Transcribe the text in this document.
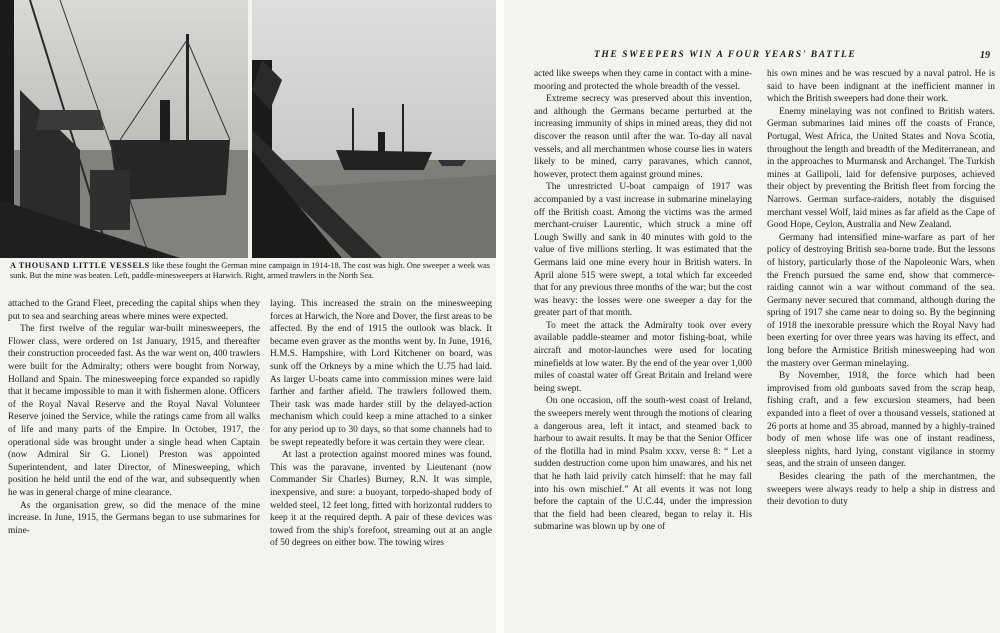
A THOUSAND LITTLE VESSELS like these fought the German mine campaign in 1914-18. The cost was high. One sweeper a week was sunk. But the mine was beaten. Left, paddle-minesweepers at Harwich. Right, armed trawlers in the North Sea.

attached to the Grand Fleet, preceding the capital ships when they put to sea and searching areas where mines were expected.

The first twelve of the regular war-built minesweepers, the Flower class, were ordered on 1st January, 1915, and thereafter their construction proceeded fast. As the war went on, 400 trawlers were built for the Admiralty; others were bought from Norway, Holland and Spain. The minesweeping force expanded so rapidly that it became impossible to man it with fishermen alone. Officers of the Royal Naval Reserve and the Royal Naval Volunteer Reserve joined the Service, while the ratings came from all walks of life and many parts of the Empire. In October, 1917, the operational side was brought under a single head when Captain (now Admiral Sir G. Lionel) Preston was appointed Superintendent, and later Director, of Minesweeping, which position he held until the end of the war, and subsequently when he was in general charge of mine clearance.

As the organisation grew, so did the menace of the mine increase. In June, 1915, the Germans began to use submarines for mine-

laying. This increased the strain on the minesweeping forces at Harwich, the Nore and Dover, the first areas to be affected. By the end of 1915 the outlook was black. It became even graver as the months went by. In June, 1916, H.M.S. Hampshire, with Lord Kitchener on board, was sunk off the Orkneys by a mine which the U.75 had laid. As larger U-boats came into commission mines were laid farther and farther afield. The trawlers followed them. Their task was made harder still by the delayed-action mechanism which could keep a mine attached to a sinker for any period up to 30 days, so that some channels had to be swept repeatedly before it was certain they were clear.

At last a protection against moored mines was found. This was the paravane, invented by Lieutenant (now Commander Sir Charles) Burney, R.N. It was simple, inexpensive, and sure: a buoyant, torpedo-shaped body of welded steel, 12 feet long, fitted with horizontal rudders to keep it at the required depth. A pair of these devices was towed from the ship's forefoot, streaming out at an angle of 50 degrees on either bow. The towing wires

THE SWEEPERS WIN A FOUR YEARS' BATTLE	19

acted like sweeps when they came in contact with a mine-mooring and protected the whole breadth of the vessel.

Extreme secrecy was preserved about this invention, and although the Germans became perturbed at the increasing immunity of ships in mined areas, they did not discover the reason until after the war. To-day all naval vessels, and all merchantmen whose course lies in waters likely to be mined, carry paravanes, which cannot, however, protect them against ground mines.

The unrestricted U-boat campaign of 1917 was accompanied by a vast increase in submarine minelaying off the British coast. Among the victims was the armed merchant-cruiser Laurentic, which struck a mine off Lough Swilly and sank in 40 minutes with gold to the value of five millions sterling. It was estimated that the Germans laid one mine every hour in British waters. In April alone 515 were swept, a total which far exceeded that for any previous three months of the war; but the cost was heavy: the losses were one sweeper a day for the greater part of that month.

To meet the attack the Admiralty took over every available paddle-steamer and motor fishing-boat, while aircraft and motor-launches were used for locating minefields at low water. By the end of the year over 1,000 miles of coastal water off Great Britain and Ireland were being swept.

On one occasion, off the south-west coast of Ireland, the sweepers merely went through the motions of clearing a dangerous area, left it intact, and steamed back to harbour to await results. It may be that the Senior Officer of the flotilla had in mind Psalm xxxv, verse 8: “ Let a sudden destruction come upon him unawares, and his net that he hath laid privily catch himself: that he may fall into his own mischief.” At all events it was not long before the captain of the U.C.44, under the impression that the field had been cleared, began to relay it. His submarine was blown up by one of

his own mines and he was rescued by a naval patrol. He is said to have been indignant at the inefficient manner in which the British sweepers had done their work.

Enemy minelaying was not confined to British waters. German submarines laid mines off the coasts of France, Portugal, West Africa, the United States and Nova Scotia, throughout the length and breadth of the Mediterranean, and in the approaches to Murmansk and Archangel. The Turkish mines at Gallipoli, laid for defensive purposes, achieved their object by preventing the British fleet from forcing the Narrows. German surface-raiders, notably the disguised merchant vessel Wolf, laid mines as far afield as the Cape of Good Hope, Ceylon, Australia and New Zealand.

Germany had intensified mine-warfare as part of her policy of destroying British sea-borne trade. But the lessons of history, particularly those of the Napoleonic Wars, when the French pursued the same end, show that commerce-raiding cannot win a war without command of the sea. Germany never secured that command, although during the spring of 1917 she came near to doing so. By the beginning of 1918 the inexorable pressure which the Royal Navy had been exerting for over three years was having its effect, and long before the Armistice British minesweeping had won the mastery over German minelaying.

By November, 1918, the force which had been improvised from old gunboats saved from the scrap heap, fishing craft, and a few excursion steamers, had been expanded into a fleet of over a thousand vessels, stationed at 26 ports at home and 35 abroad, manned by a highly-trained body of men whose life was one of instant readiness, sleepless nights, hard lying, constant vigilance in stormy seas, and the strain of unseen danger.

Besides clearing the path of the merchantmen, the sweepers were always ready to help a ship in distress and their devotion to duty
